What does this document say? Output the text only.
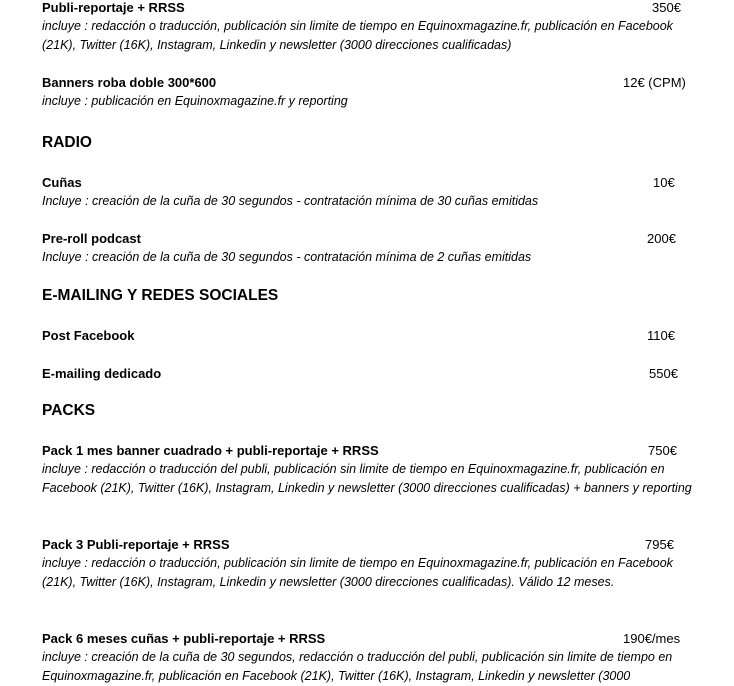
Publi-reportaje + RRSS	350€
incluye : redacción o traducción, publicación sin limite de tiempo en Equinoxmagazine.fr, publicación en Facebook (21K), Twitter (16K), Instagram, Linkedin y newsletter (3000 direcciones cualificadas)
Banners roba doble 300*600	12€ (CPM)
incluye : publicación en Equinoxmagazine.fr y reporting
RADIO
Cuñas	10€
Incluye : creación de la cuña de 30 segundos - contratación mínima de 30 cuñas emitidas
Pre-roll podcast	200€
Incluye : creación de la cuña de 30 segundos - contratación mínima de 2 cuñas emitidas
E-MAILING Y REDES SOCIALES
Post Facebook	110€
E-mailing dedicado	550€
PACKS
Pack 1 mes banner cuadrado + publi-reportaje + RRSS	750€
incluye : redacción o traducción del publi, publicación sin limite de tiempo en Equinoxmagazine.fr, publicación en Facebook (21K), Twitter (16K), Instagram, Linkedin y newsletter (3000 direcciones cualificadas) + banners y reporting
Pack 3 Publi-reportaje + RRSS	795€
incluye : redacción o traducción, publicación sin limite de tiempo en Equinoxmagazine.fr, publicación en Facebook (21K), Twitter (16K), Instagram, Linkedin y newsletter (3000 direcciones cualificadas). Válido 12 meses.
Pack 6 meses cuñas + publi-reportaje + RRSS	190€/mes
incluye : creación de la cuña de 30 segundos, redacción o traducción del publi, publicación sin limite de tiempo en Equinoxmagazine.fr, publicación en Facebook (21K), Twitter (16K), Instagram, Linkedin y newsletter (3000
